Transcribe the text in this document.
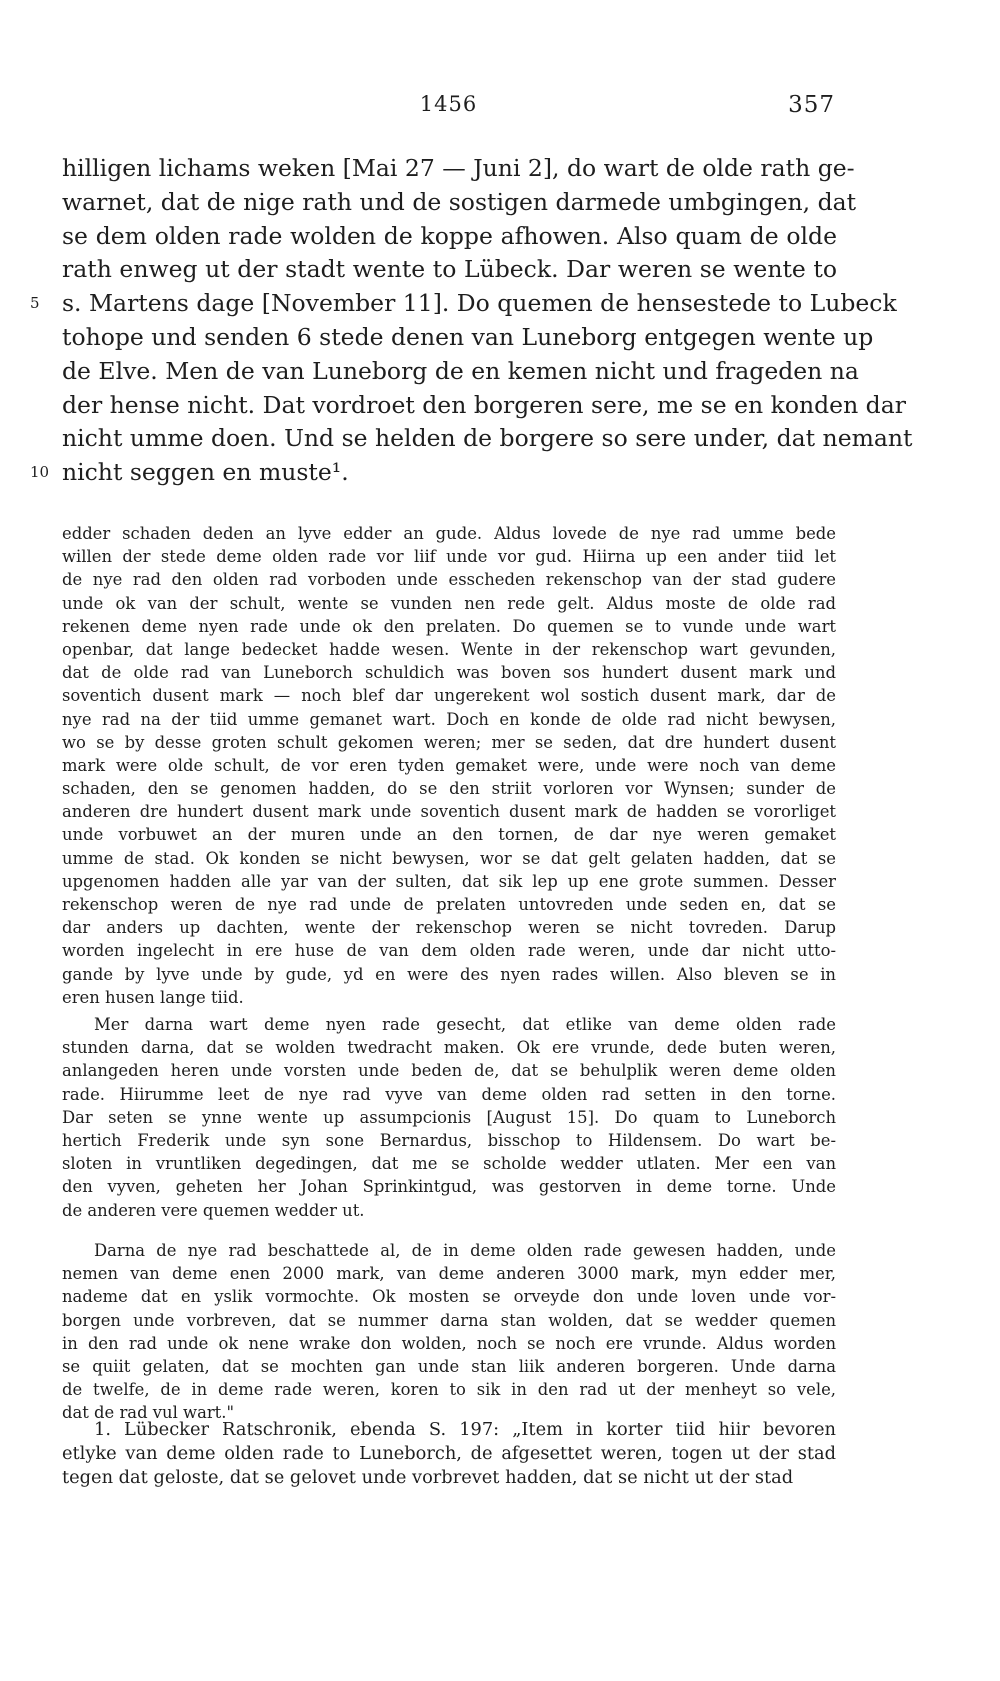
1456	357
hilligen lichams weken [Mai 27 — Juni 2], do wart de olde rath ge-
warnet, dat de nige rath und de sostigen darmede umbgingen, dat
se dem olden rade wolden de koppe afhowen. Also quam de olde
rath enweg ut der stadt wente to Lübeck. Dar weren se wente to
5 s. Martens dage [November 11]. Do quemen de hensestede to Lubeck
tohope und senden 6 stede denen van Luneborg entgegen wente up
de Elve. Men de van Luneborg de en kemen nicht und frageden na
der hense nicht. Dat vordroet den borgeren sere, me se en konden dar
nicht umme doen. Und se helden de borgere so sere under, dat nemant
10 nicht seggen en muste¹.
edder schaden deden an lyve edder an gude. Aldus lovede de nye rad umme bede
willen der stede deme olden rade vor liif unde vor gud. Hiirna up een ander tiid let
de nye rad den olden rad vorboden unde esscheden rekenschop van der stad gudere
unde ok van der schult, wente se vunden nen rede gelt. Aldus moste de olde rad
rekenen deme nyen rade unde ok den prelaten. Do quemen se to vunde unde wart
openbar, dat lange bedecket hadde wesen. Wente in der rekenschop wart gevunden,
dat de olde rad van Luneborch schuldich was boven sos hundert dusent mark und
soventich dusent mark — noch blef dar ungerekent wol sostich dusent mark, dar de
nye rad na der tiid umme gemanet wart. Doch en konde de olde rad nicht bewysen,
wo se by desse groten schult gekomen weren; mer se seden, dat dre hundert dusent
mark were olde schult, de vor eren tyden gemaket were, unde were noch van deme
schaden, den se genomen hadden, do se den striit vorloren vor Wynsen; sunder de
anderen dre hundert dusent mark unde soventich dusent mark de hadden se vororliget
unde vorbuwet an der muren unde an den tornen, de dar nye weren gemaket
umme de stad. Ok konden se nicht bewysen, wor se dat gelt gelaten hadden, dat se
upgenomen hadden alle yar van der sulten, dat sik lep up ene grote summen. Desser
rekenschop weren de nye rad unde de prelaten untovreden unde seden en, dat se
dar anders up dachten, wente der rekenschop weren se nicht tovreden. Darup
worden ingelecht in ere huse de van dem olden rade weren, unde dar nicht utto-
gande by lyve unde by gude, yd en were des nyen rades willen. Also bleven se in
eren husen lange tiid.
Mer darna wart deme nyen rade gesecht, dat etlike van deme olden rade
stunden darna, dat se wolden twedracht maken. Ok ere vrunde, dede buten weren,
anlangeden heren unde vorsten unde beden de, dat se behulplik weren deme olden
rade. Hiirumme leet de nye rad vyve van deme olden rad setten in den torne.
Dar seten se ynne wente up assumpcionis [August 15]. Do quam to Luneborch
hertich Frederik unde syn sone Bernardus, bisschop to Hildensem. Do wart be-
sloten in vruntliken degedingen, dat me se scholde wedder utlaten. Mer een van
den vyven, geheten her Johan Sprinkintgud, was gestorven in deme torne. Unde
de anderen vere quemen wedder ut.
Darna de nye rad beschattede al, de in deme olden rade gewesen hadden, unde
nemen van deme enen 2000 mark, van deme anderen 3000 mark, myn edder mer,
nademe dat en yslik vormochte. Ok mosten se orveyde don unde loven unde vor-
borgen unde vorbreven, dat se nummer darna stan wolden, dat se wedder quemen
in den rad unde ok nene wrake don wolden, noch se noch ere vrunde. Aldus worden
se quiit gelaten, dat se mochten gan unde stan liik anderen borgeren. Unde darna
de twelfe, de in deme rade weren, koren to sik in den rad ut der menheyt so vele,
dat de rad vul wart."
1. Lübecker Ratschronik, ebenda S. 197: „Item in korter tiid hiir bevoren
etlyke van deme olden rade to Luneborch, de afgesettet weren, togen ut der stad
tegen dat geloste, dat se gelovet unde vorbrevet hadden, dat se nicht ut der stad
